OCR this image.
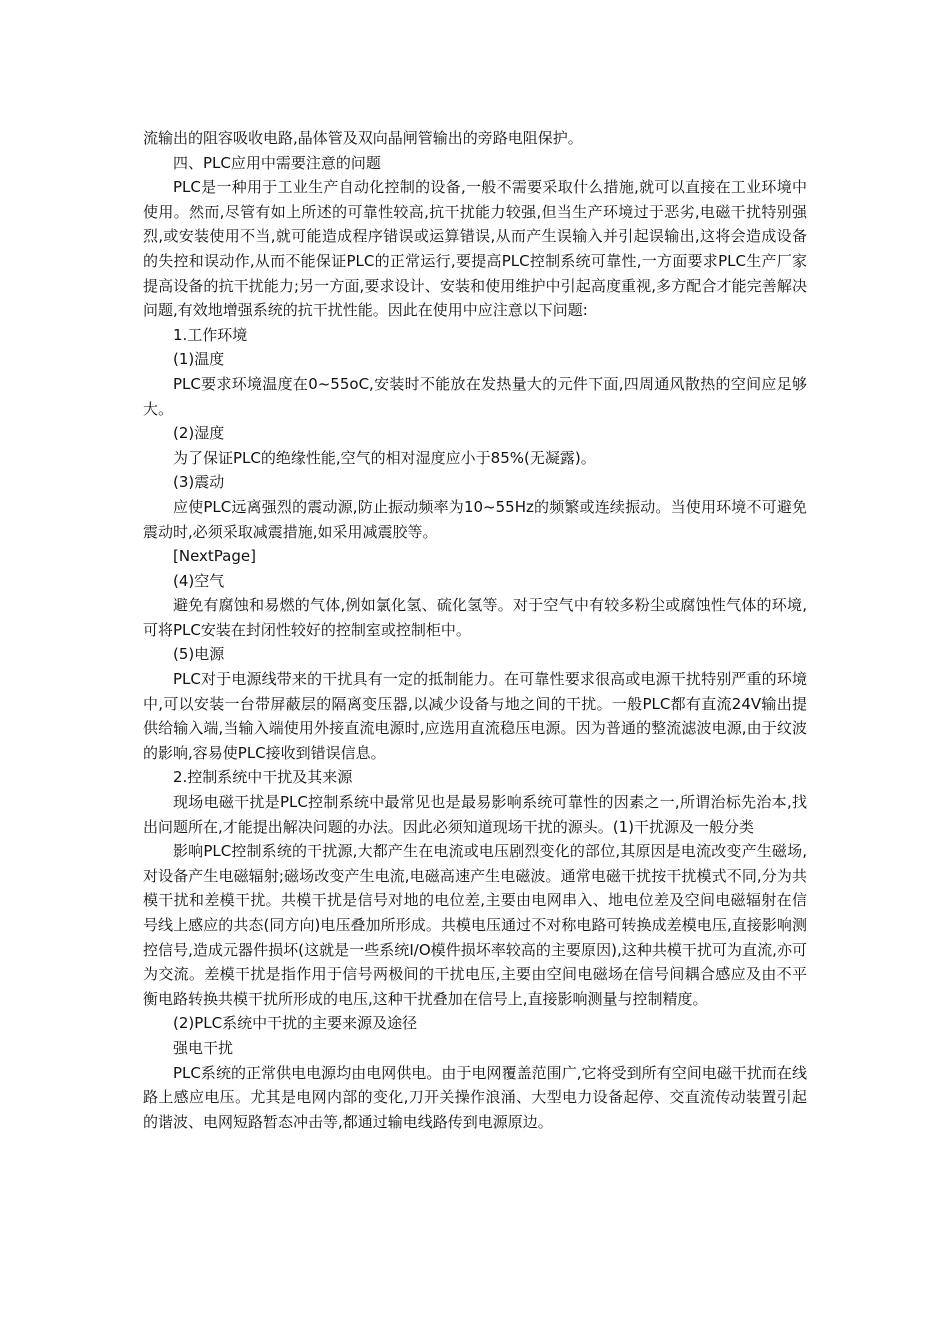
流输出的阻容吸收电路,晶体管及双向晶闸管输出的旁路电阻保护。

四、PLC应用中需要注意的问题

PLC是一种用于工业生产自动化控制的设备,一般不需要采取什么措施,就可以直接在工业环境中使用。然而,尽管有如上所述的可靠性较高,抗干扰能力较强,但当生产环境过于恶劣,电磁干扰特别强烈,或安装使用不当,就可能造成程序错误或运算错误,从而产生误输入并引起误输出,这将会造成设备的失控和误动作,从而不能保证PLC的正常运行,要提高PLC控制系统可靠性,一方面要求PLC生产厂家提高设备的抗干扰能力;另一方面,要求设计、安装和使用维护中引起高度重视,多方配合才能完善解决问题,有效地增强系统的抗干扰性能。因此在使用中应注意以下问题:

1.工作环境

(1)温度

PLC要求环境温度在0~55oC,安装时不能放在发热量大的元件下面,四周通风散热的空间应足够大。

(2)湿度

为了保证PLC的绝缘性能,空气的相对湿度应小于85%(无凝露)。

(3)震动

应使PLC远离强烈的震动源,防止振动频率为10~55Hz的频繁或连续振动。当使用环境不可避免震动时,必须采取减震措施,如采用减震胶等。

[NextPage]

(4)空气

避免有腐蚀和易燃的气体,例如氯化氢、硫化氢等。对于空气中有较多粉尘或腐蚀性气体的环境,可将PLC安装在封闭性较好的控制室或控制柜中。

(5)电源

PLC对于电源线带来的干扰具有一定的抵制能力。在可靠性要求很高或电源干扰特别严重的环境中,可以安装一台带屏蔽层的隔离变压器,以减少设备与地之间的干扰。一般PLC都有直流24V输出提供给输入端,当输入端使用外接直流电源时,应选用直流稳压电源。因为普通的整流滤波电源,由于纹波的影响,容易使PLC接收到错误信息。

2.控制系统中干扰及其来源

现场电磁干扰是PLC控制系统中最常见也是最易影响系统可靠性的因素之一,所谓治标先治本,找出问题所在,才能提出解决问题的办法。因此必须知道现场干扰的源头。(1)干扰源及一般分类

影响PLC控制系统的干扰源,大都产生在电流或电压剧烈变化的部位,其原因是电流改变产生磁场,对设备产生电磁辐射;磁场改变产生电流,电磁高速产生电磁波。通常电磁干扰按干扰模式不同,分为共模干扰和差模干扰。共模干扰是信号对地的电位差,主要由电网串入、地电位差及空间电磁辐射在信号线上感应的共态(同方向)电压叠加所形成。共模电压通过不对称电路可转换成差模电压,直接影响测控信号,造成元器件损坏(这就是一些系统I/O模件损坏率较高的主要原因),这种共模干扰可为直流,亦可为交流。差模干扰是指作用于信号两极间的干扰电压,主要由空间电磁场在信号间耦合感应及由不平衡电路转换共模干扰所形成的电压,这种干扰叠加在信号上,直接影响测量与控制精度。

(2)PLC系统中干扰的主要来源及途径

强电干扰

PLC系统的正常供电电源均由电网供电。由于电网覆盖范围广,它将受到所有空间电磁干扰而在线路上感应电压。尤其是电网内部的变化,刀开关操作浪涌、大型电力设备起停、交直流传动装置引起的谐波、电网短路暂态冲击等,都通过输电线路传到电源原边。
